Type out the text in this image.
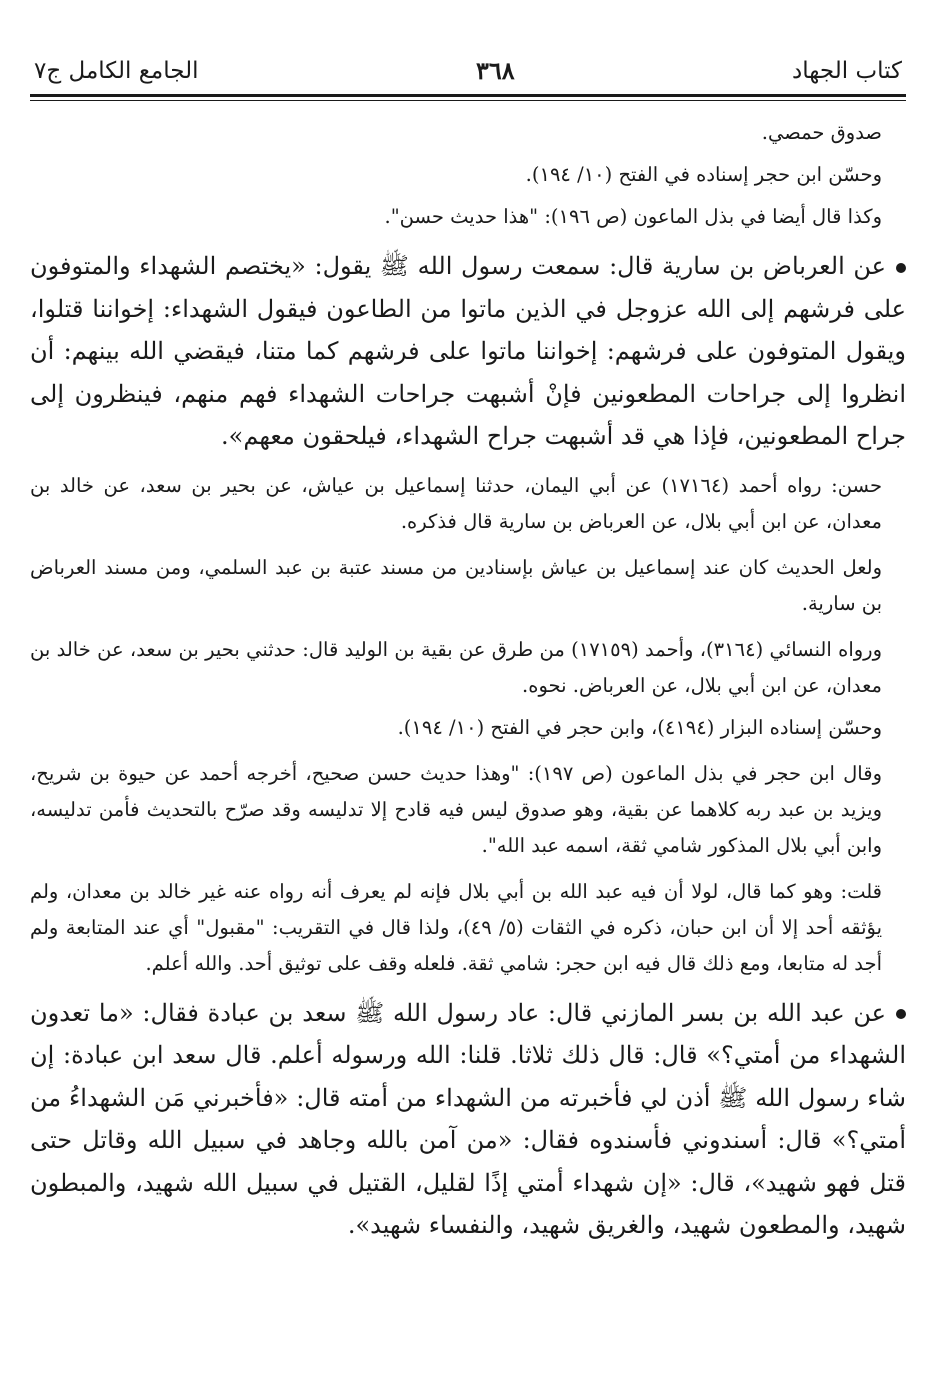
كتاب الجهاد
٣٦٨
الجامع الكامل ج٧

صدوق حمصي.

وحسّن ابن حجر إسناده في الفتح (١٠/ ١٩٤).

وكذا قال أيضا في بذل الماعون (ص ١٩٦): "هذا حديث حسن".

عن العرباض بن سارية قال: سمعت رسول الله ﷺ يقول: «يختصم الشهداء والمتوفون على فرشهم إلى الله عزوجل في الذين ماتوا من الطاعون فيقول الشهداء: إخواننا قتلوا، ويقول المتوفون على فرشهم: إخواننا ماتوا على فرشهم كما متنا، فيقضي الله بينهم: أن انظروا إلى جراحات المطعونين فإنْ أشبهت جراحات الشهداء فهم منهم، فينظرون إلى جراح المطعونين، فإذا هي قد أشبهت جراح الشهداء، فيلحقون معهم».

حسن: رواه أحمد (١٧١٦٤) عن أبي اليمان، حدثنا إسماعيل بن عياش، عن بحير بن سعد، عن خالد بن معدان، عن ابن أبي بلال، عن العرباض بن سارية قال فذكره.

ولعل الحديث كان عند إسماعيل بن عياش بإسنادين من مسند عتبة بن عبد السلمي، ومن مسند العرباض بن سارية.

ورواه النسائي (٣١٦٤)، وأحمد (١٧١٥٩) من طرق عن بقية بن الوليد قال: حدثني بحير بن سعد، عن خالد بن معدان، عن ابن أبي بلال، عن العرباض. نحوه.

وحسّن إسناده البزار (٤١٩٤)، وابن حجر في الفتح (١٠/ ١٩٤).

وقال ابن حجر في بذل الماعون (ص ١٩٧): "وهذا حديث حسن صحيح، أخرجه أحمد عن حيوة بن شريح، ويزيد بن عبد ربه كلاهما عن بقية، وهو صدوق ليس فيه قادح إلا تدليسه وقد صرّح بالتحديث فأمن تدليسه، وابن أبي بلال المذكور شامي ثقة، اسمه عبد الله".

قلت: وهو كما قال، لولا أن فيه عبد الله بن أبي بلال فإنه لم يعرف أنه رواه عنه غير خالد بن معدان، ولم يؤثقه أحد إلا أن ابن حبان، ذكره في الثقات (٥/ ٤٩)، ولذا قال في التقريب: "مقبول" أي عند المتابعة ولم أجد له متابعا، ومع ذلك قال فيه ابن حجر: شامي ثقة. فلعله وقف على توثيق أحد. والله أعلم.

عن عبد الله بن بسر المازني قال: عاد رسول الله ﷺ سعد بن عبادة فقال: «ما تعدون الشهداء من أمتي؟» قال: قال ذلك ثلاثا. قلنا: الله ورسوله أعلم. قال سعد ابن عبادة: إن شاء رسول الله ﷺ أذن لي فأخبرته من الشهداء من أمته قال: «فأخبرني مَن الشهداءُ من أمتي؟» قال: أسندوني فأسندوه فقال: «من آمن بالله وجاهد في سبيل الله وقاتل حتى قتل فهو شهيد»، قال: «إن شهداء أمتي إذًا لقليل، القتيل في سبيل الله شهيد، والمبطون شهيد، والمطعون شهيد، والغريق شهيد، والنفساء شهيد».
